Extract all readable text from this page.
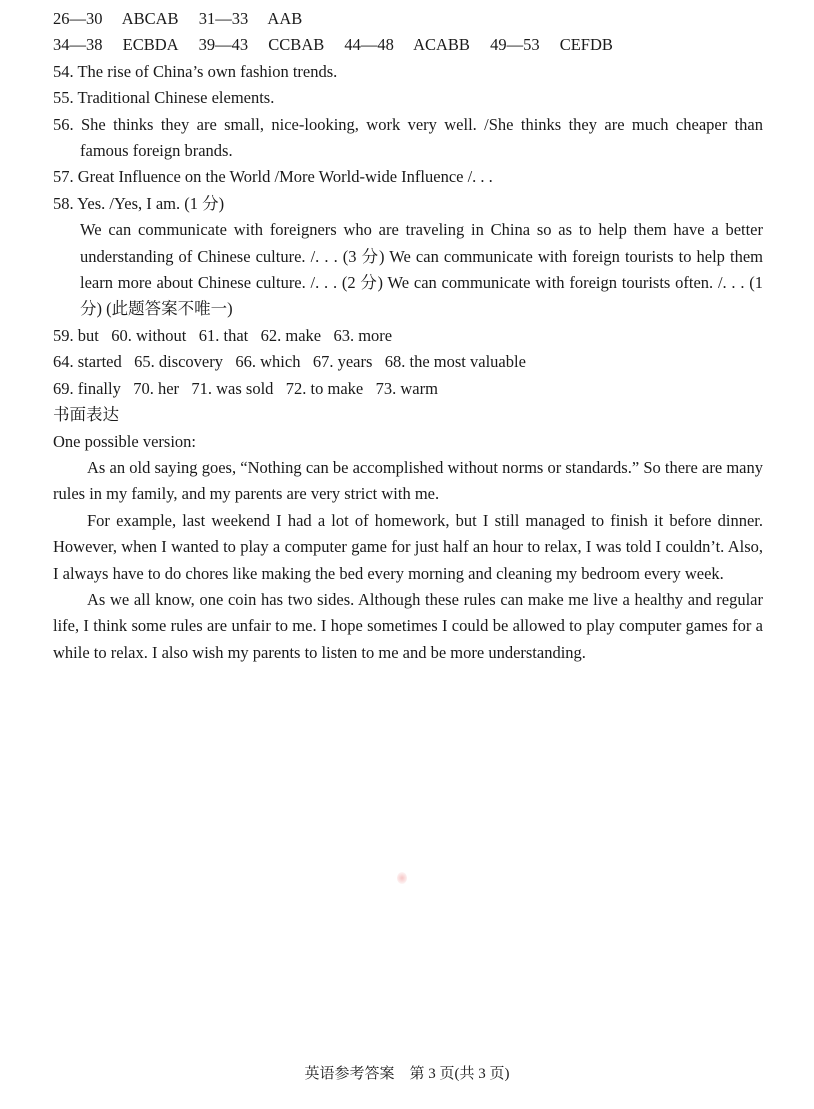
26—30 ABCAB 31—33 AAB
34—38 ECBDA 39—43 CCBAB 44—48 ACABB 49—53 CEFDB
54. The rise of China’s own fashion trends.
55. Traditional Chinese elements.
56. She thinks they are small, nice-looking, work very well. /She thinks they are much cheaper than famous foreign brands.
57. Great Influence on the World /More World-wide Influence /. . .
58. Yes. /Yes, I am. (1 分)
We can communicate with foreigners who are traveling in China so as to help them have a better understanding of Chinese culture. /. . . (3 分) We can communicate with foreign tourists to help them learn more about Chinese culture. /. . . (2 分) We can communicate with foreign tourists often. /. . . (1 分) (此题答案不唯一)
59. but   60. without   61. that   62. make   63. more
64. started   65. discovery   66. which   67. years   68. the most valuable
69. finally   70. her   71. was sold   72. to make   73. warm
书面表达
One possible version:
As an old saying goes, “Nothing can be accomplished without norms or standards.” So there are many rules in my family, and my parents are very strict with me.
For example, last weekend I had a lot of homework, but I still managed to finish it before dinner. However, when I wanted to play a computer game for just half an hour to relax, I was told I couldn’t. Also, I always have to do chores like making the bed every morning and cleaning my bedroom every week.
As we all know, one coin has two sides. Although these rules can make me live a healthy and regular life, I think some rules are unfair to me. I hope sometimes I could be allowed to play computer games for a while to relax. I also wish my parents to listen to me and be more understanding.
英语参考答案　第 3 页(共 3 页)
